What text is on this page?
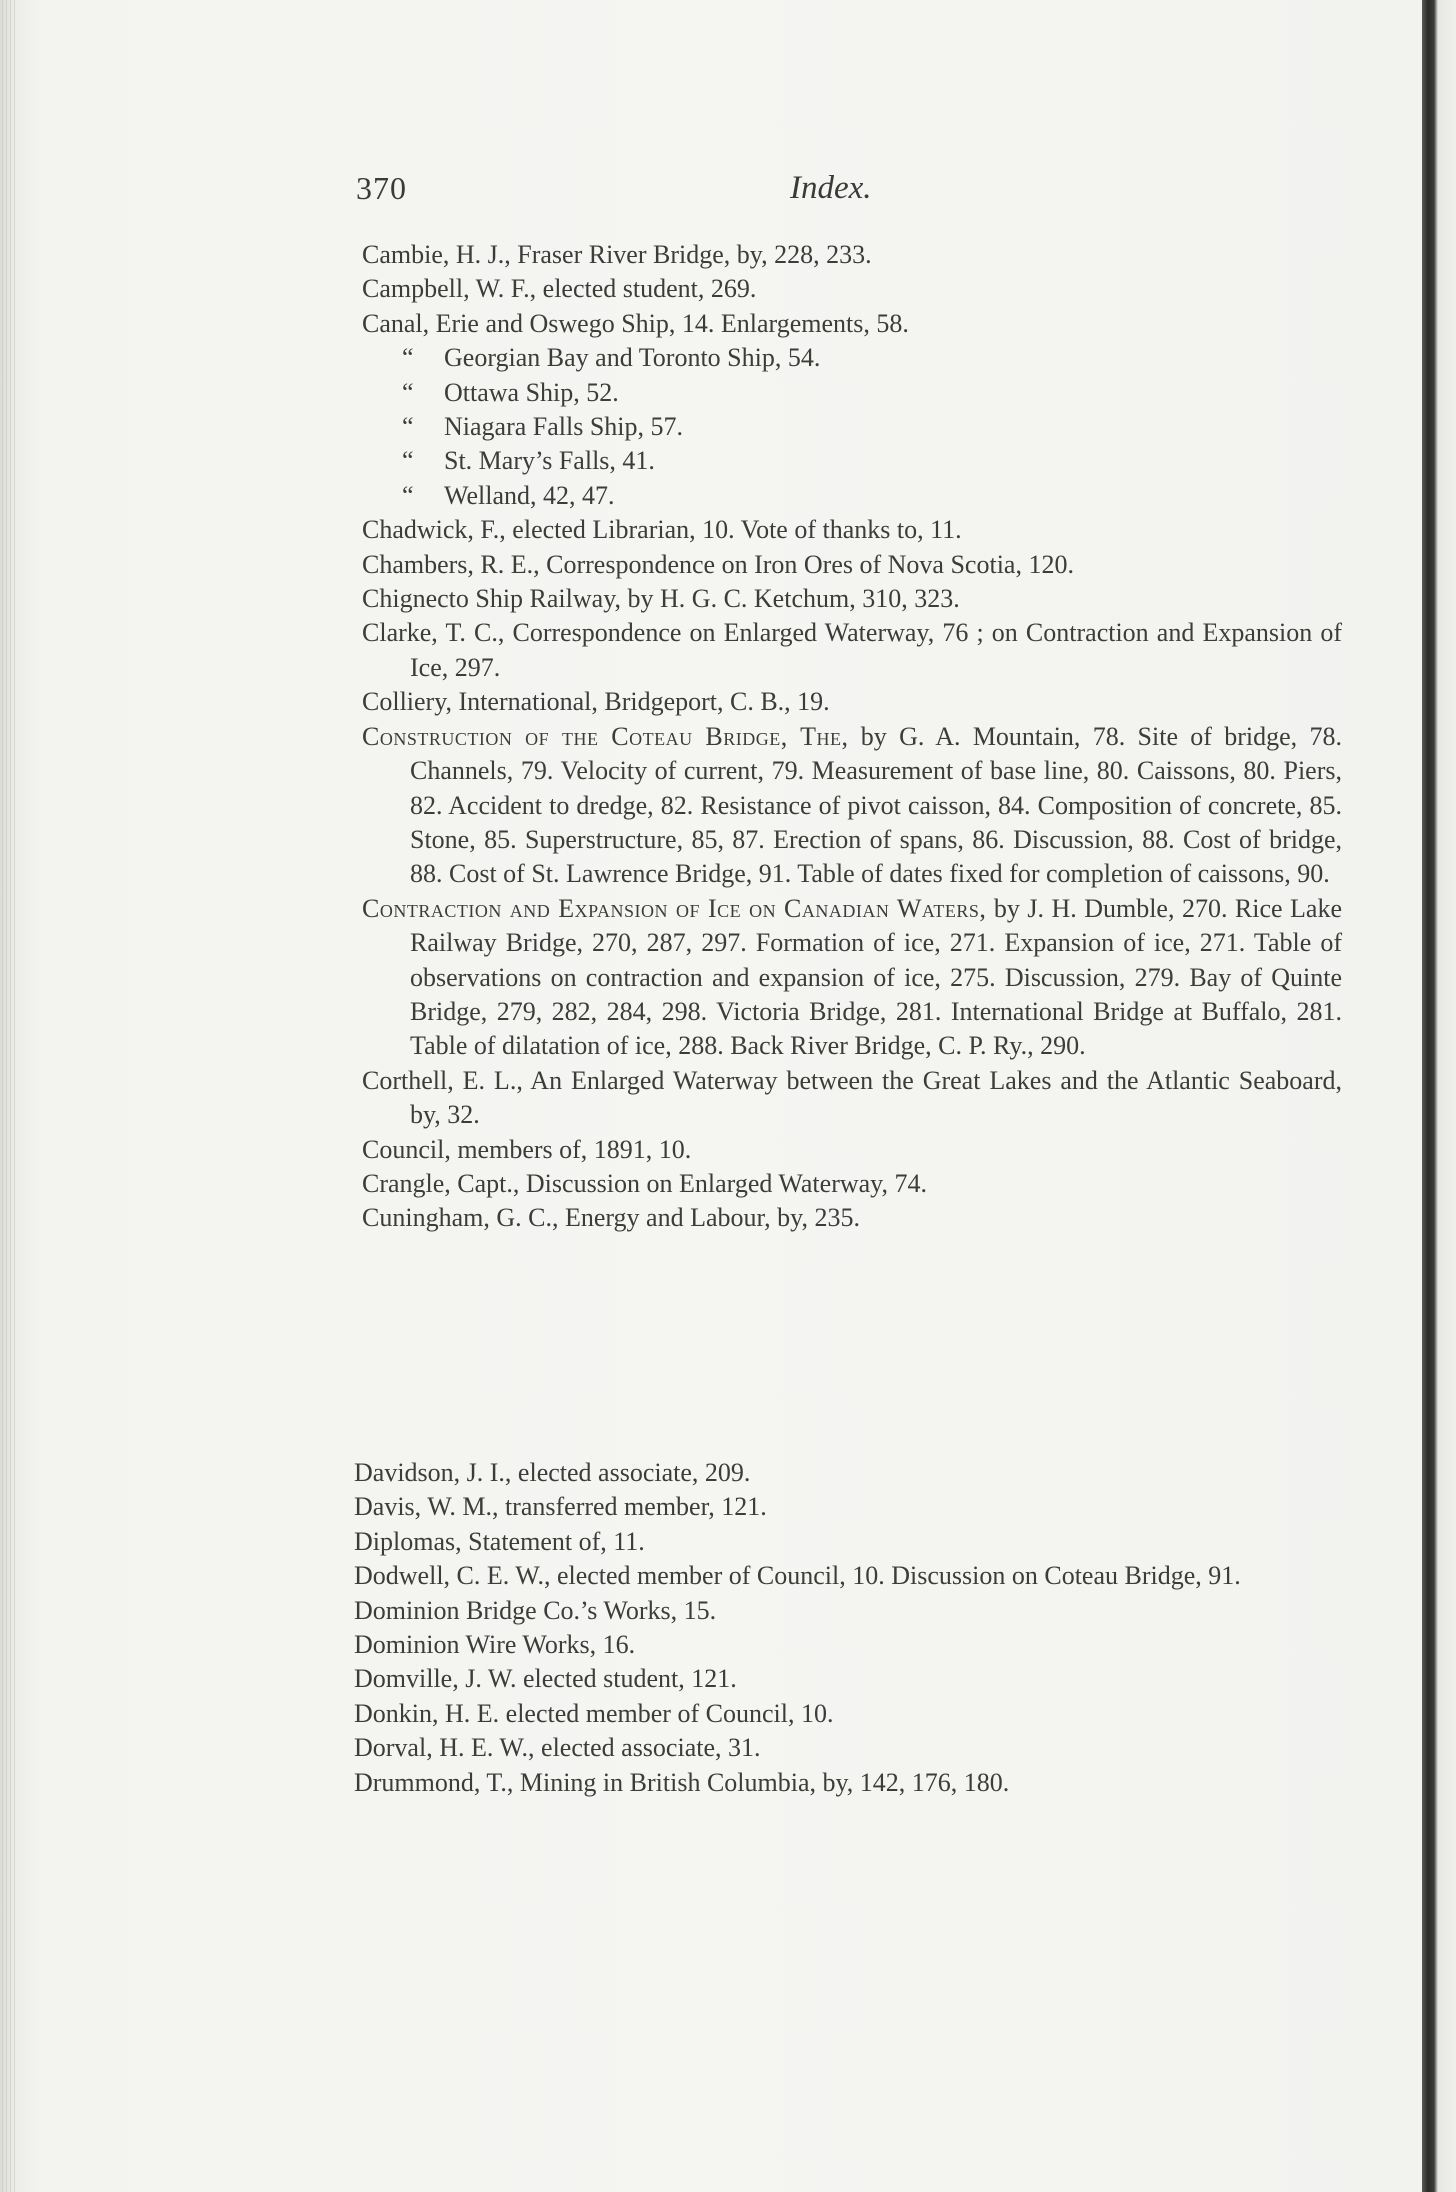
370	Index.
Cambie, H. J., Fraser River Bridge, by, 228, 233.
Campbell, W. F., elected student, 269.
Canal, Erie and Oswego Ship, 14. Enlargements, 58.
“ Georgian Bay and Toronto Ship, 54.
“ Ottawa Ship, 52.
“ Niagara Falls Ship, 57.
“ St. Mary’s Falls, 41.
“ Welland, 42, 47.
Chadwick, F., elected Librarian, 10. Vote of thanks to, 11.
Chambers, R. E., Correspondence on Iron Ores of Nova Scotia, 120.
Chignecto Ship Railway, by H. G. C. Ketchum, 310, 323.
Clarke, T. C., Correspondence on Enlarged Waterway, 76 ; on Contraction and Expansion of Ice, 297.
Colliery, International, Bridgeport, C. B., 19.
Construction of the Coteau Bridge, The, by G. A. Mountain, 78. Site of bridge, 78. Channels, 79. Velocity of current, 79. Measurement of base line, 80. Caissons, 80. Piers, 82. Accident to dredge, 82. Resistance of pivot caisson, 84. Composition of concrete, 85. Stone, 85. Superstructure, 85, 87. Erection of spans, 86. Discussion, 88. Cost of bridge, 88. Cost of St. Lawrence Bridge, 91. Table of dates fixed for completion of caissons, 90.
Contraction and Expansion of Ice on Canadian Waters, by J. H. Dumble, 270. Rice Lake Railway Bridge, 270, 287, 297. Formation of ice, 271. Expansion of ice, 271. Table of observations on contraction and expansion of ice, 275. Discussion, 279. Bay of Quinte Bridge, 279, 282, 284, 298. Victoria Bridge, 281. International Bridge at Buffalo, 281. Table of dilatation of ice, 288. Back River Bridge, C. P. Ry., 290.
Corthell, E. L., An Enlarged Waterway between the Great Lakes and the Atlantic Seaboard, by, 32.
Council, members of, 1891, 10.
Crangle, Capt., Discussion on Enlarged Waterway, 74.
Cuningham, G. C., Energy and Labour, by, 235.
Davidson, J. I., elected associate, 209.
Davis, W. M., transferred member, 121.
Diplomas, Statement of, 11.
Dodwell, C. E. W., elected member of Council, 10. Discussion on Coteau Bridge, 91.
Dominion Bridge Co.’s Works, 15.
Dominion Wire Works, 16.
Domville, J. W. elected student, 121.
Donkin, H. E. elected member of Council, 10.
Dorval, H. E. W., elected associate, 31.
Drummond, T., Mining in British Columbia, by, 142, 176, 180.
